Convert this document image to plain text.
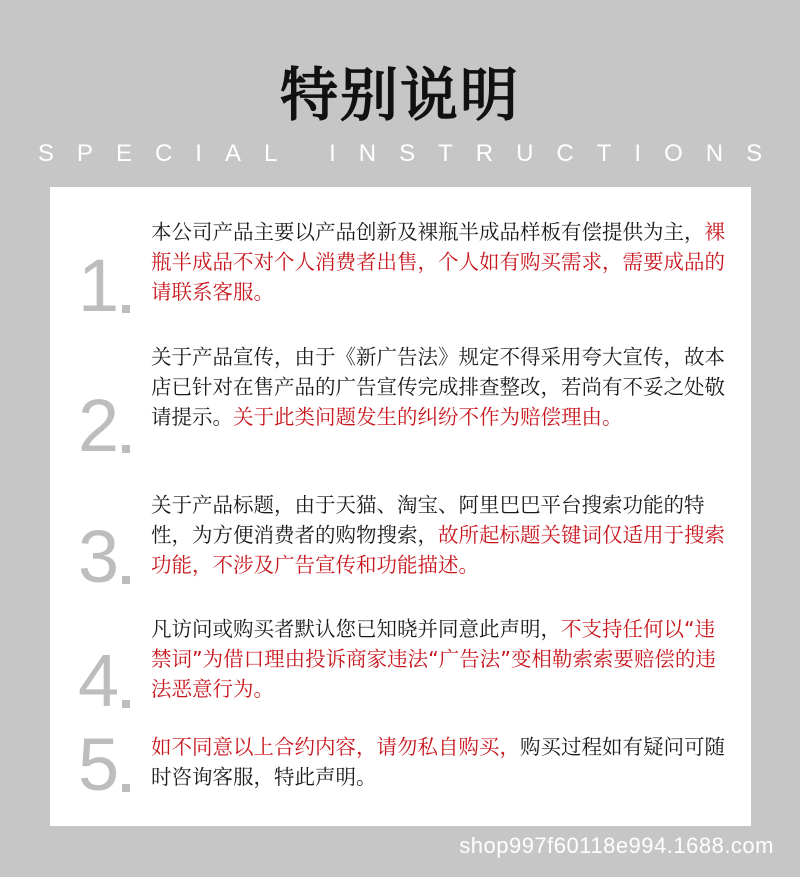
特别说明
SPECIAL INSTRUCTIONS
1
本公司产品主要以产品创新及裸瓶半成品样板有偿提供为主，裸瓶半成品不对个人消费者出售，个人如有购买需求，需要成品的请联系客服。
2
关于产品宣传，由于《新广告法》规定不得采用夸大宣传，故本店已针对在售产品的广告宣传完成排查整改，若尚有不妥之处敬请提示。关于此类问题发生的纠纷不作为赔偿理由。
3
关于产品标题，由于天猫、淘宝、阿里巴巴平台搜索功能的特性，为方便消费者的购物搜索，故所起标题关键词仅适用于搜索功能，不涉及广告宣传和功能描述。
4
凡访问或购买者默认您已知晓并同意此声明，不支持任何以“违禁词”为借口理由投诉商家违法“广告法”变相勒索索要赔偿的违法恶意行为。
5 如不同意以上合约内容，请勿私自购买，购买过程如有疑问可随时咨询客服，特此声明。
shop997f60118e994.1688.com
